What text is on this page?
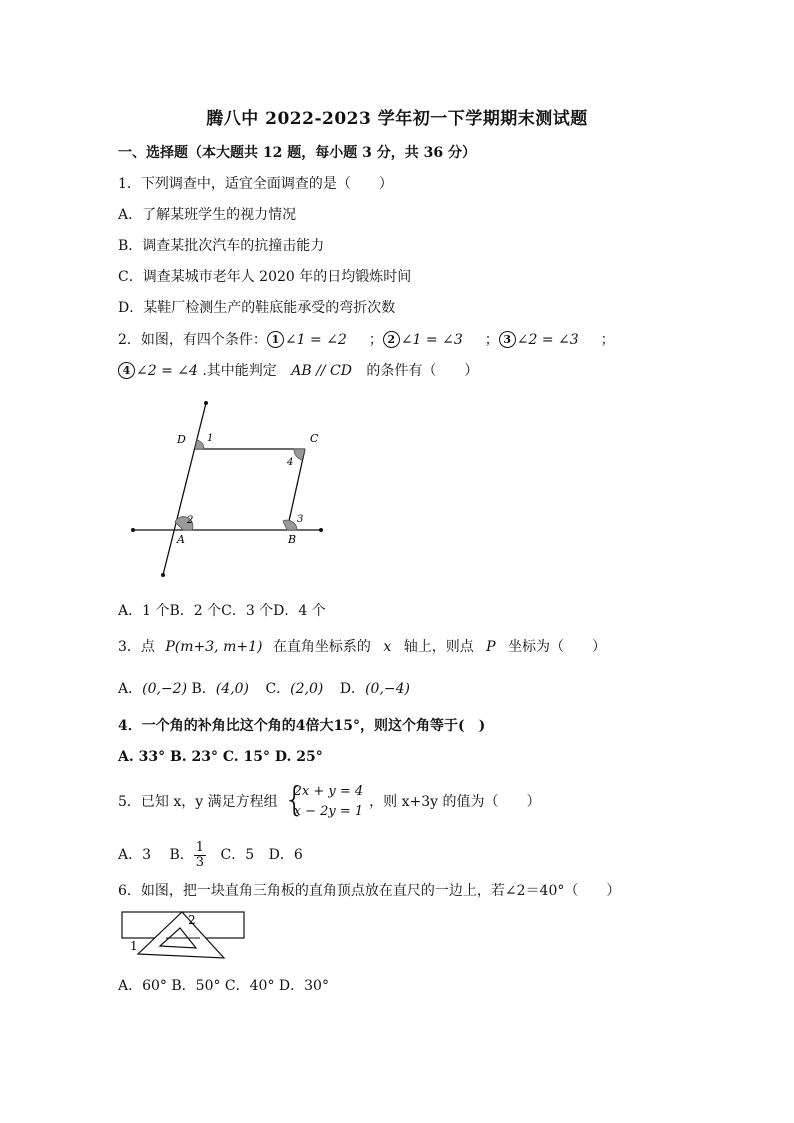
腾八中 2022-2023 学年初一下学期期末测试题
一、选择题（本大题共 12 题，每小题 3 分，共 36 分）
1．下列调查中，适宜全面调查的是（　　）
A．了解某班学生的视力情况
B．调查某批次汽车的抗撞击能力
C．调查某城市老年人 2020 年的日均锻炼时间
D．某鞋厂检测生产的鞋底能承受的弯折次数
2．如图，有四个条件： 1 ∠1 = ∠2 ； 2 ∠1 = ∠3 ； 3 ∠2 = ∠3 ；
4 ∠2 = ∠4 .其中能判定 AB // CD 的条件有（　　）
D 1	C
4
2	3
A	B
A．1 个B．2 个C．3 个D．4 个
3．点 P(m+3, m+1) 在直角坐标系的 x 轴上，则点 P 坐标为（　　）
A．(0,−2) B．(4,0) C．(2,0) D．(0,−4)
4．一个角的补角比这个角的4倍大15°，则这个角等于(　)
A. 33° B. 23° C. 15° D. 25°
5．已知 x，y 满足方程组 {
2x + y = 4
x − 2y = 1
，则 x+3y 的值为（　　）
A．3 B． $\frac{1}{3}$ C．5 D．6
6．如图，把一块直角三角板的直角顶点放在直尺的一边上，若∠2＝40°（　　）
2
1
A．60° B．50° C．40° D．30°
